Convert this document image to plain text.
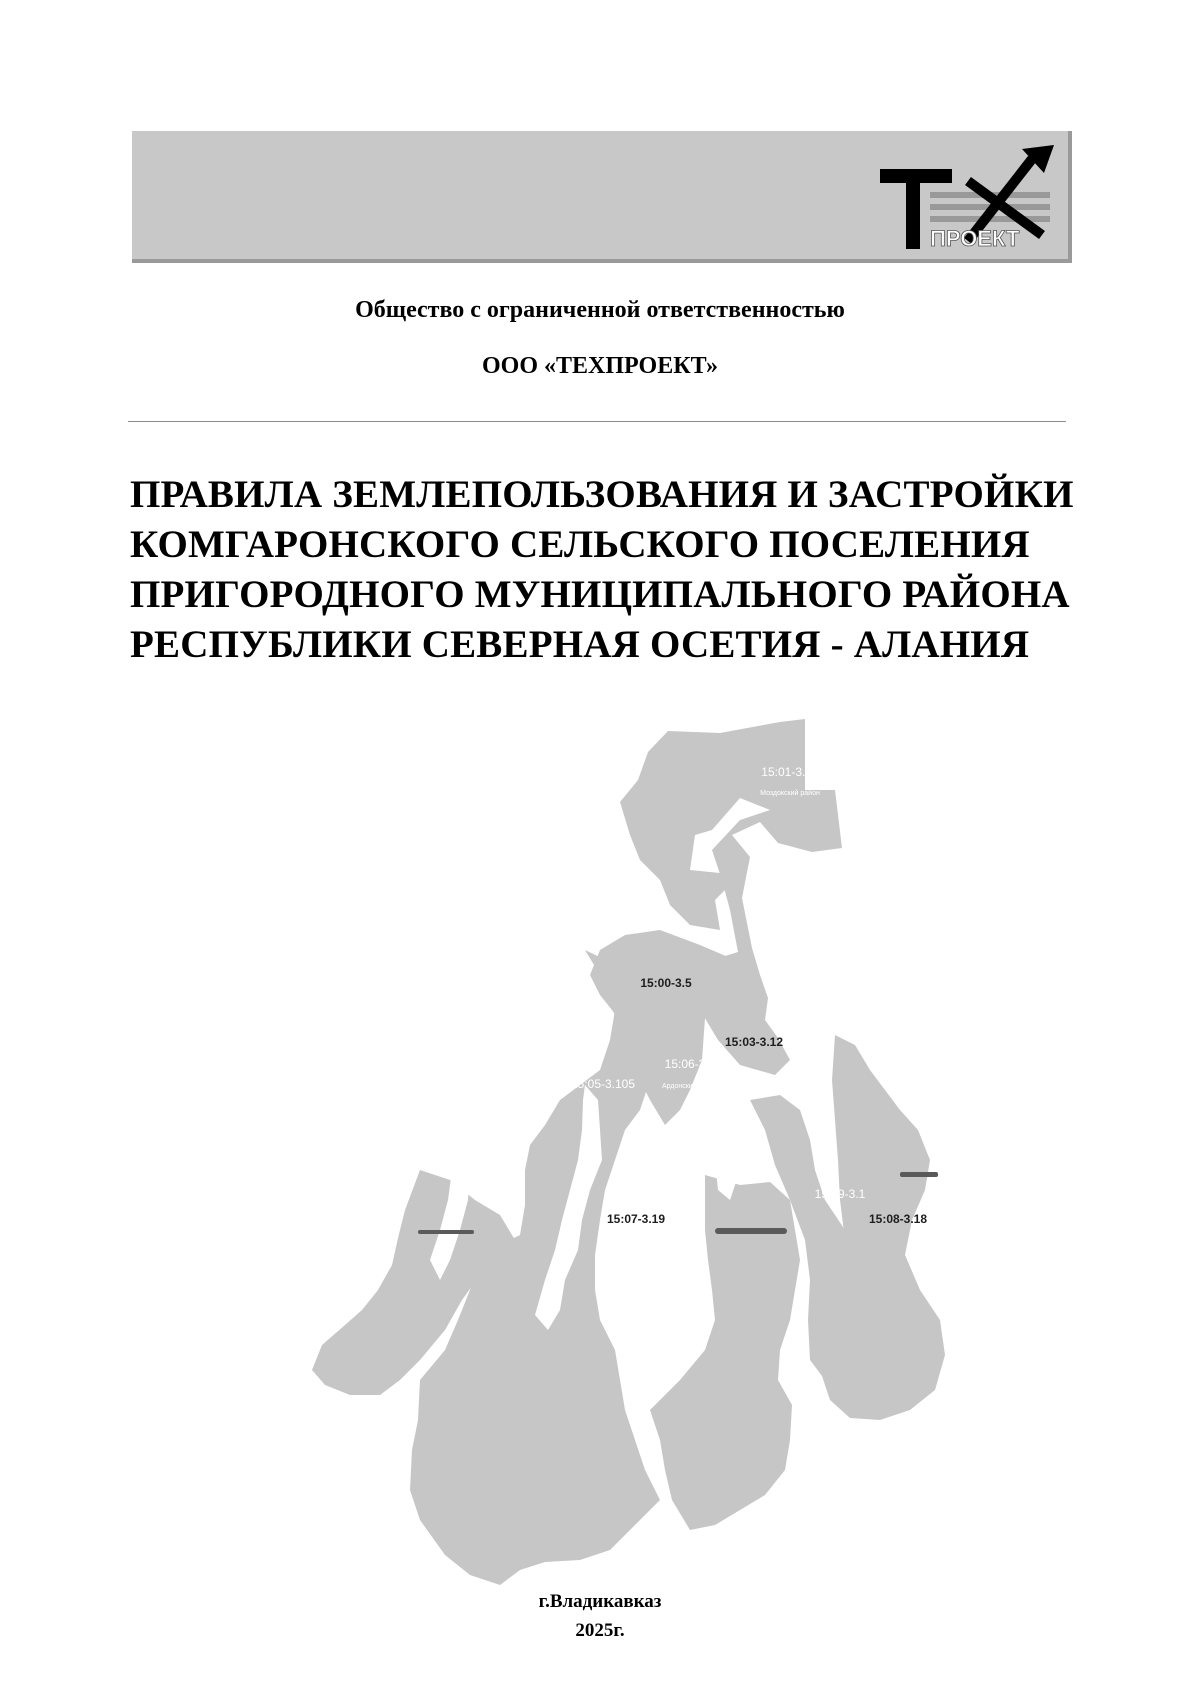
ПРОЕКТ
Общество с ограниченной ответственностью
ООО «ТЕХПРОЕКТ»
ПРАВИЛА ЗЕМЛЕПОЛЬЗОВАНИЯ И ЗАСТРОЙКИ
КОМГАРОНСКОГО СЕЛЬСКОГО ПОСЕЛЕНИЯ
ПРИГОРОДНОГО МУНИЦИПАЛЬНОГО РАЙОНА
РЕСПУБЛИКИ СЕВЕРНАЯ ОСЕТИЯ - АЛАНИЯ
15:01-3.13
Моздокский район
15:00-3.5
15:03-3.12
15:06-3.1
Ардонский район
15:05-3.105
15:04-3.103
15:07-3.19
15:09-3.1
15:08-3.18
г.Владикавказ
2025г.
